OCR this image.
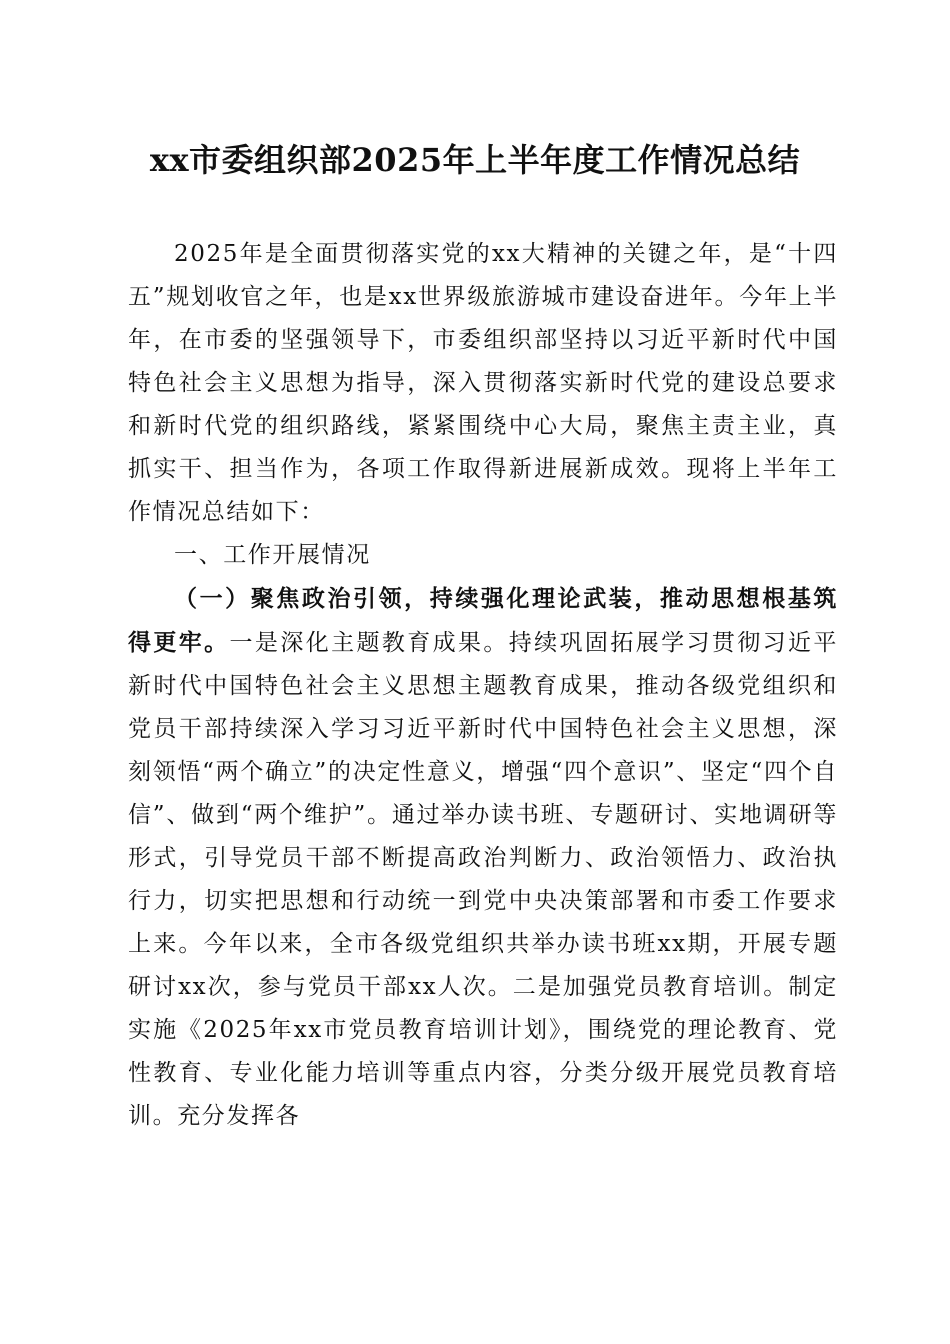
xx市委组织部2025年上半年度工作情况总结

2025年是全面贯彻落实党的xx大精神的关键之年，是“十四五”规划收官之年，也是xx世界级旅游城市建设奋进年。今年上半年，在市委的坚强领导下，市委组织部坚持以习近平新时代中国特色社会主义思想为指导，深入贯彻落实新时代党的建设总要求和新时代党的组织路线，紧紧围绕中心大局，聚焦主责主业，真抓实干、担当作为，各项工作取得新进展新成效。现将上半年工作情况总结如下：

一、工作开展情况

（一）聚焦政治引领，持续强化理论武装，推动思想根基筑得更牢。一是深化主题教育成果。持续巩固拓展学习贯彻习近平新时代中国特色社会主义思想主题教育成果，推动各级党组织和党员干部持续深入学习习近平新时代中国特色社会主义思想，深刻领悟“两个确立”的决定性意义，增强“四个意识”、坚定“四个自信”、做到“两个维护”。通过举办读书班、专题研讨、实地调研等形式，引导党员干部不断提高政治判断力、政治领悟力、政治执行力，切实把思想和行动统一到党中央决策部署和市委工作要求上来。今年以来，全市各级党组织共举办读书班xx期，开展专题研讨xx次，参与党员干部xx人次。二是加强党员教育培训。制定实施《2025年xx市党员教育培训计划》，围绕党的理论教育、党性教育、专业化能力培训等重点内容，分类分级开展党员教育培训。充分发挥各
